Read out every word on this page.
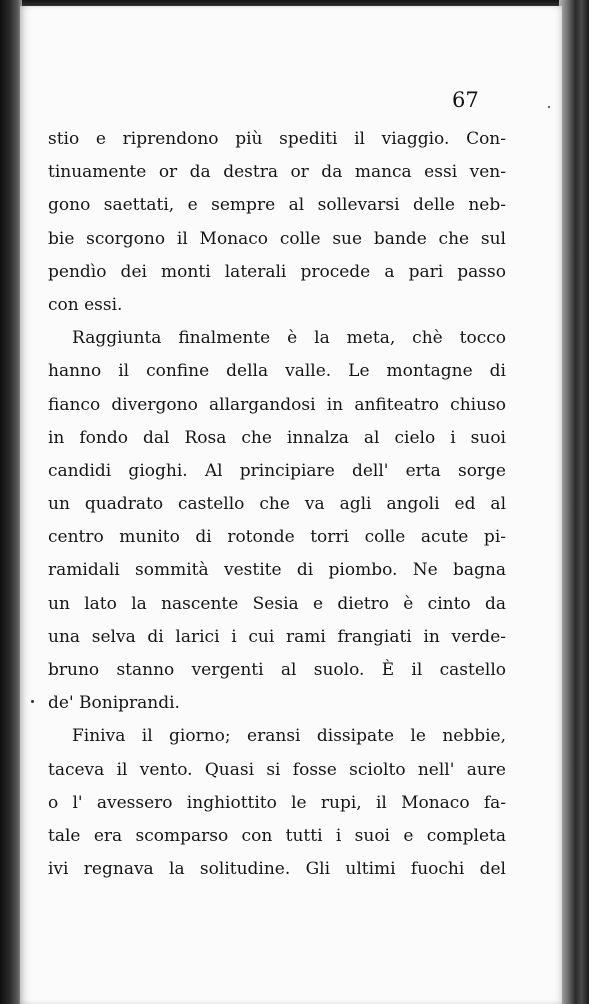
67
stio e riprendono più spediti il viaggio. Con-
tinuamente or da destra or da manca essi ven-
gono saettati, e sempre al sollevarsi delle neb-
bie scorgono il Monaco colle sue bande che sul
pendìo dei monti laterali procede a pari passo
con essi.
Raggiunta finalmente è la meta, chè tocco
hanno il confine della valle. Le montagne di
fianco divergono allargandosi in anfiteatro chiuso
in fondo dal Rosa che innalza al cielo i suoi
candidi gioghi. Al principiare dell' erta sorge
un quadrato castello che va agli angoli ed al
centro munito di rotonde torri colle acute pi-
ramidali sommità vestite di piombo. Ne bagna
un lato la nascente Sesia e dietro è cinto da
una selva di larici i cui rami frangiati in verde-
bruno stanno vergenti al suolo. È il castello
de' Boniprandi.
Finiva il giorno; eransi dissipate le nebbie,
taceva il vento. Quasi si fosse sciolto nell' aure
o l' avessero inghiottito le rupi, il Monaco fa-
tale era scomparso con tutti i suoi e completa
ivi regnava la solitudine. Gli ultimi fuochi del
